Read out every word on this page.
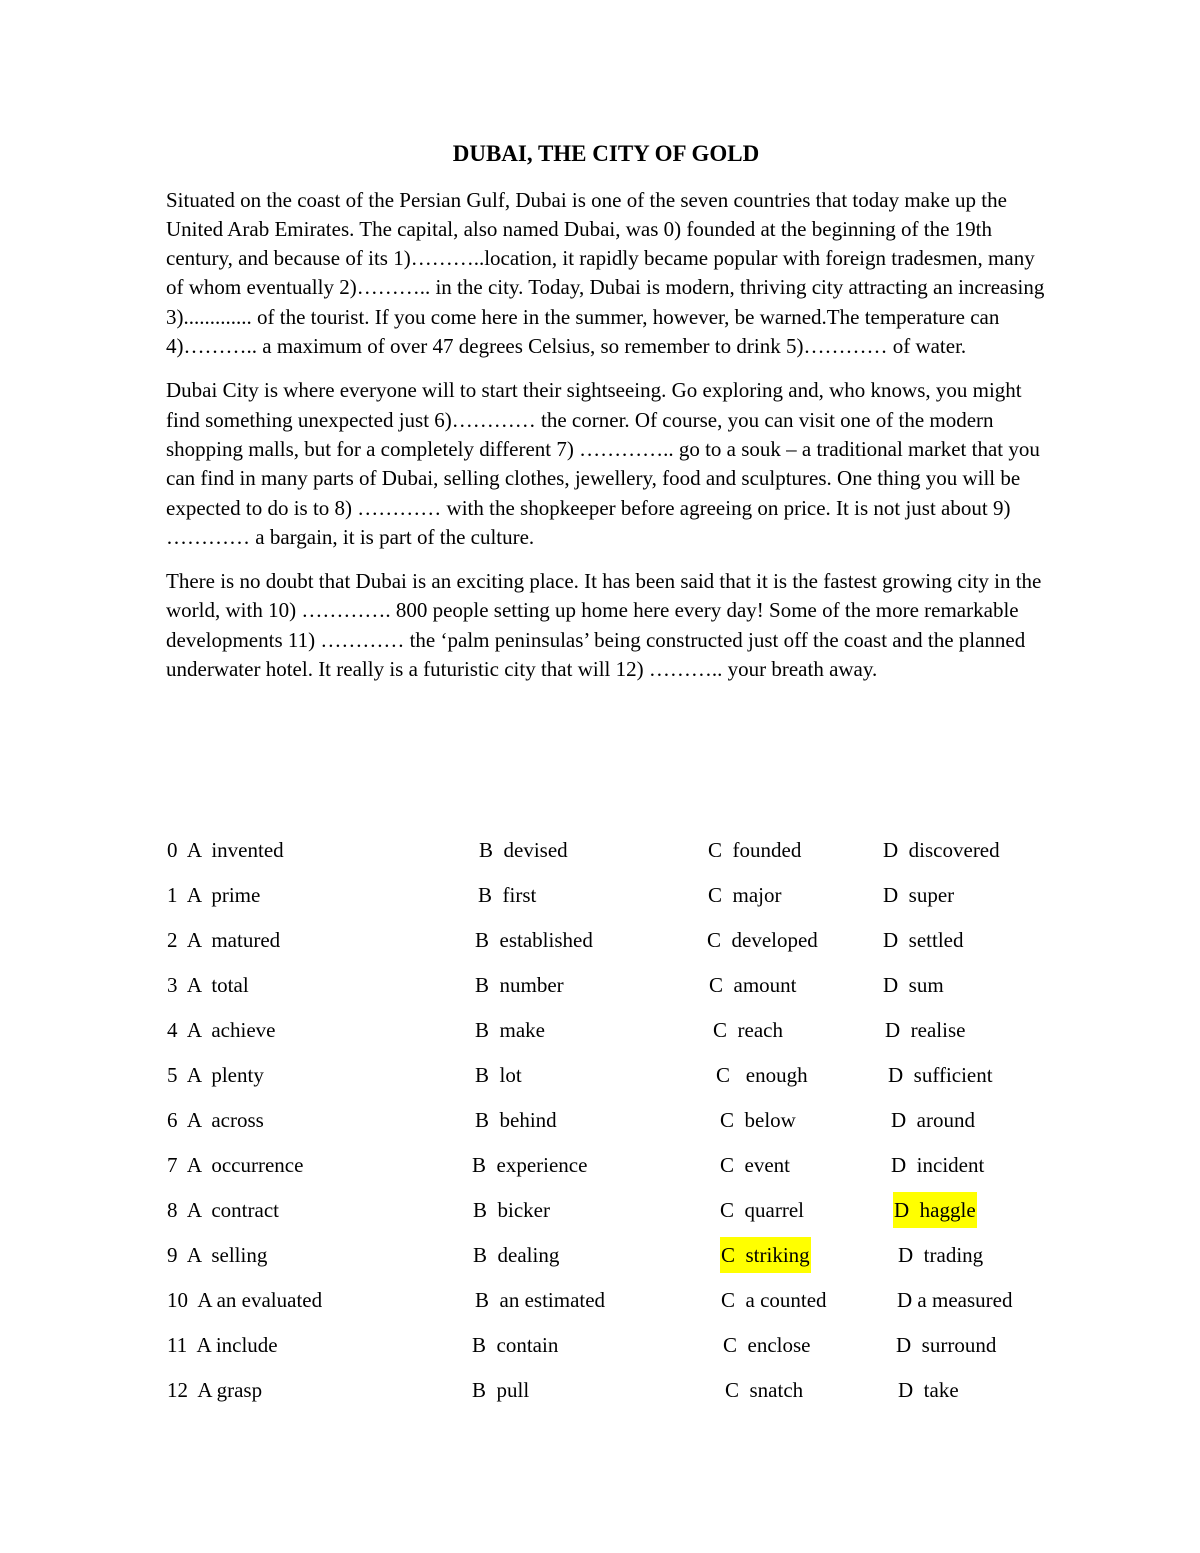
DUBAI, THE CITY OF GOLD

Situated on the coast of the Persian Gulf, Dubai is one of the seven countries that today make up the United Arab Emirates. The capital, also named Dubai, was 0) founded at the beginning of the 19th century, and because of its 1)………..location, it rapidly became popular with foreign tradesmen, many of whom eventually 2)……….. in the city. Today, Dubai is modern, thriving city attracting an increasing 3)............. of the tourist. If you come here in the summer, however, be warned.The temperature can 4)……….. a maximum of over 47 degrees Celsius, so remember to drink 5)………… of water.

Dubai City is where everyone will to start their sightseeing. Go exploring and, who knows, you might find something unexpected just 6)………… the corner. Of course, you can visit one of the modern shopping malls, but for a completely different 7) ………….. go to a souk – a traditional market that you can find in many parts of Dubai, selling clothes, jewellery, food and sculptures. One thing you will be expected to do is to 8) ………… with the shopkeeper before agreeing on price. It is not just about 9) ………… a bargain, it is part of the culture.

There is no doubt that Dubai is an exciting place. It has been said that it is the fastest growing city in the world, with 10) …………. 800 people setting up home here every day! Some of the more remarkable developments 11) ………… the ‘palm peninsulas’ being constructed just off the coast and the planned underwater hotel. It really is a futuristic city that will 12) ……….. your breath away.

0  A  invented	B  devised	C  founded	D  discovered
1  A  prime	B  first	C  major	D  super
2  A  matured	B  established	C  developed	D  settled
3  A  total	B  number	C  amount	D  sum
4  A  achieve	B  make	C  reach	D  realise
5  A  plenty	B  lot	C   enough	D  sufficient
6  A  across	B  behind	C  below	D  around
7  A  occurrence	B  experience	C  event	D  incident
8  A  contract	B  bicker	C  quarrel	D  haggle
9  A  selling	B  dealing	C  striking	D  trading
10  A an evaluated	B  an estimated	C  a counted	D a measured
11  A include	B  contain	C  enclose	D  surround
12  A grasp	B  pull	C  snatch	D  take
